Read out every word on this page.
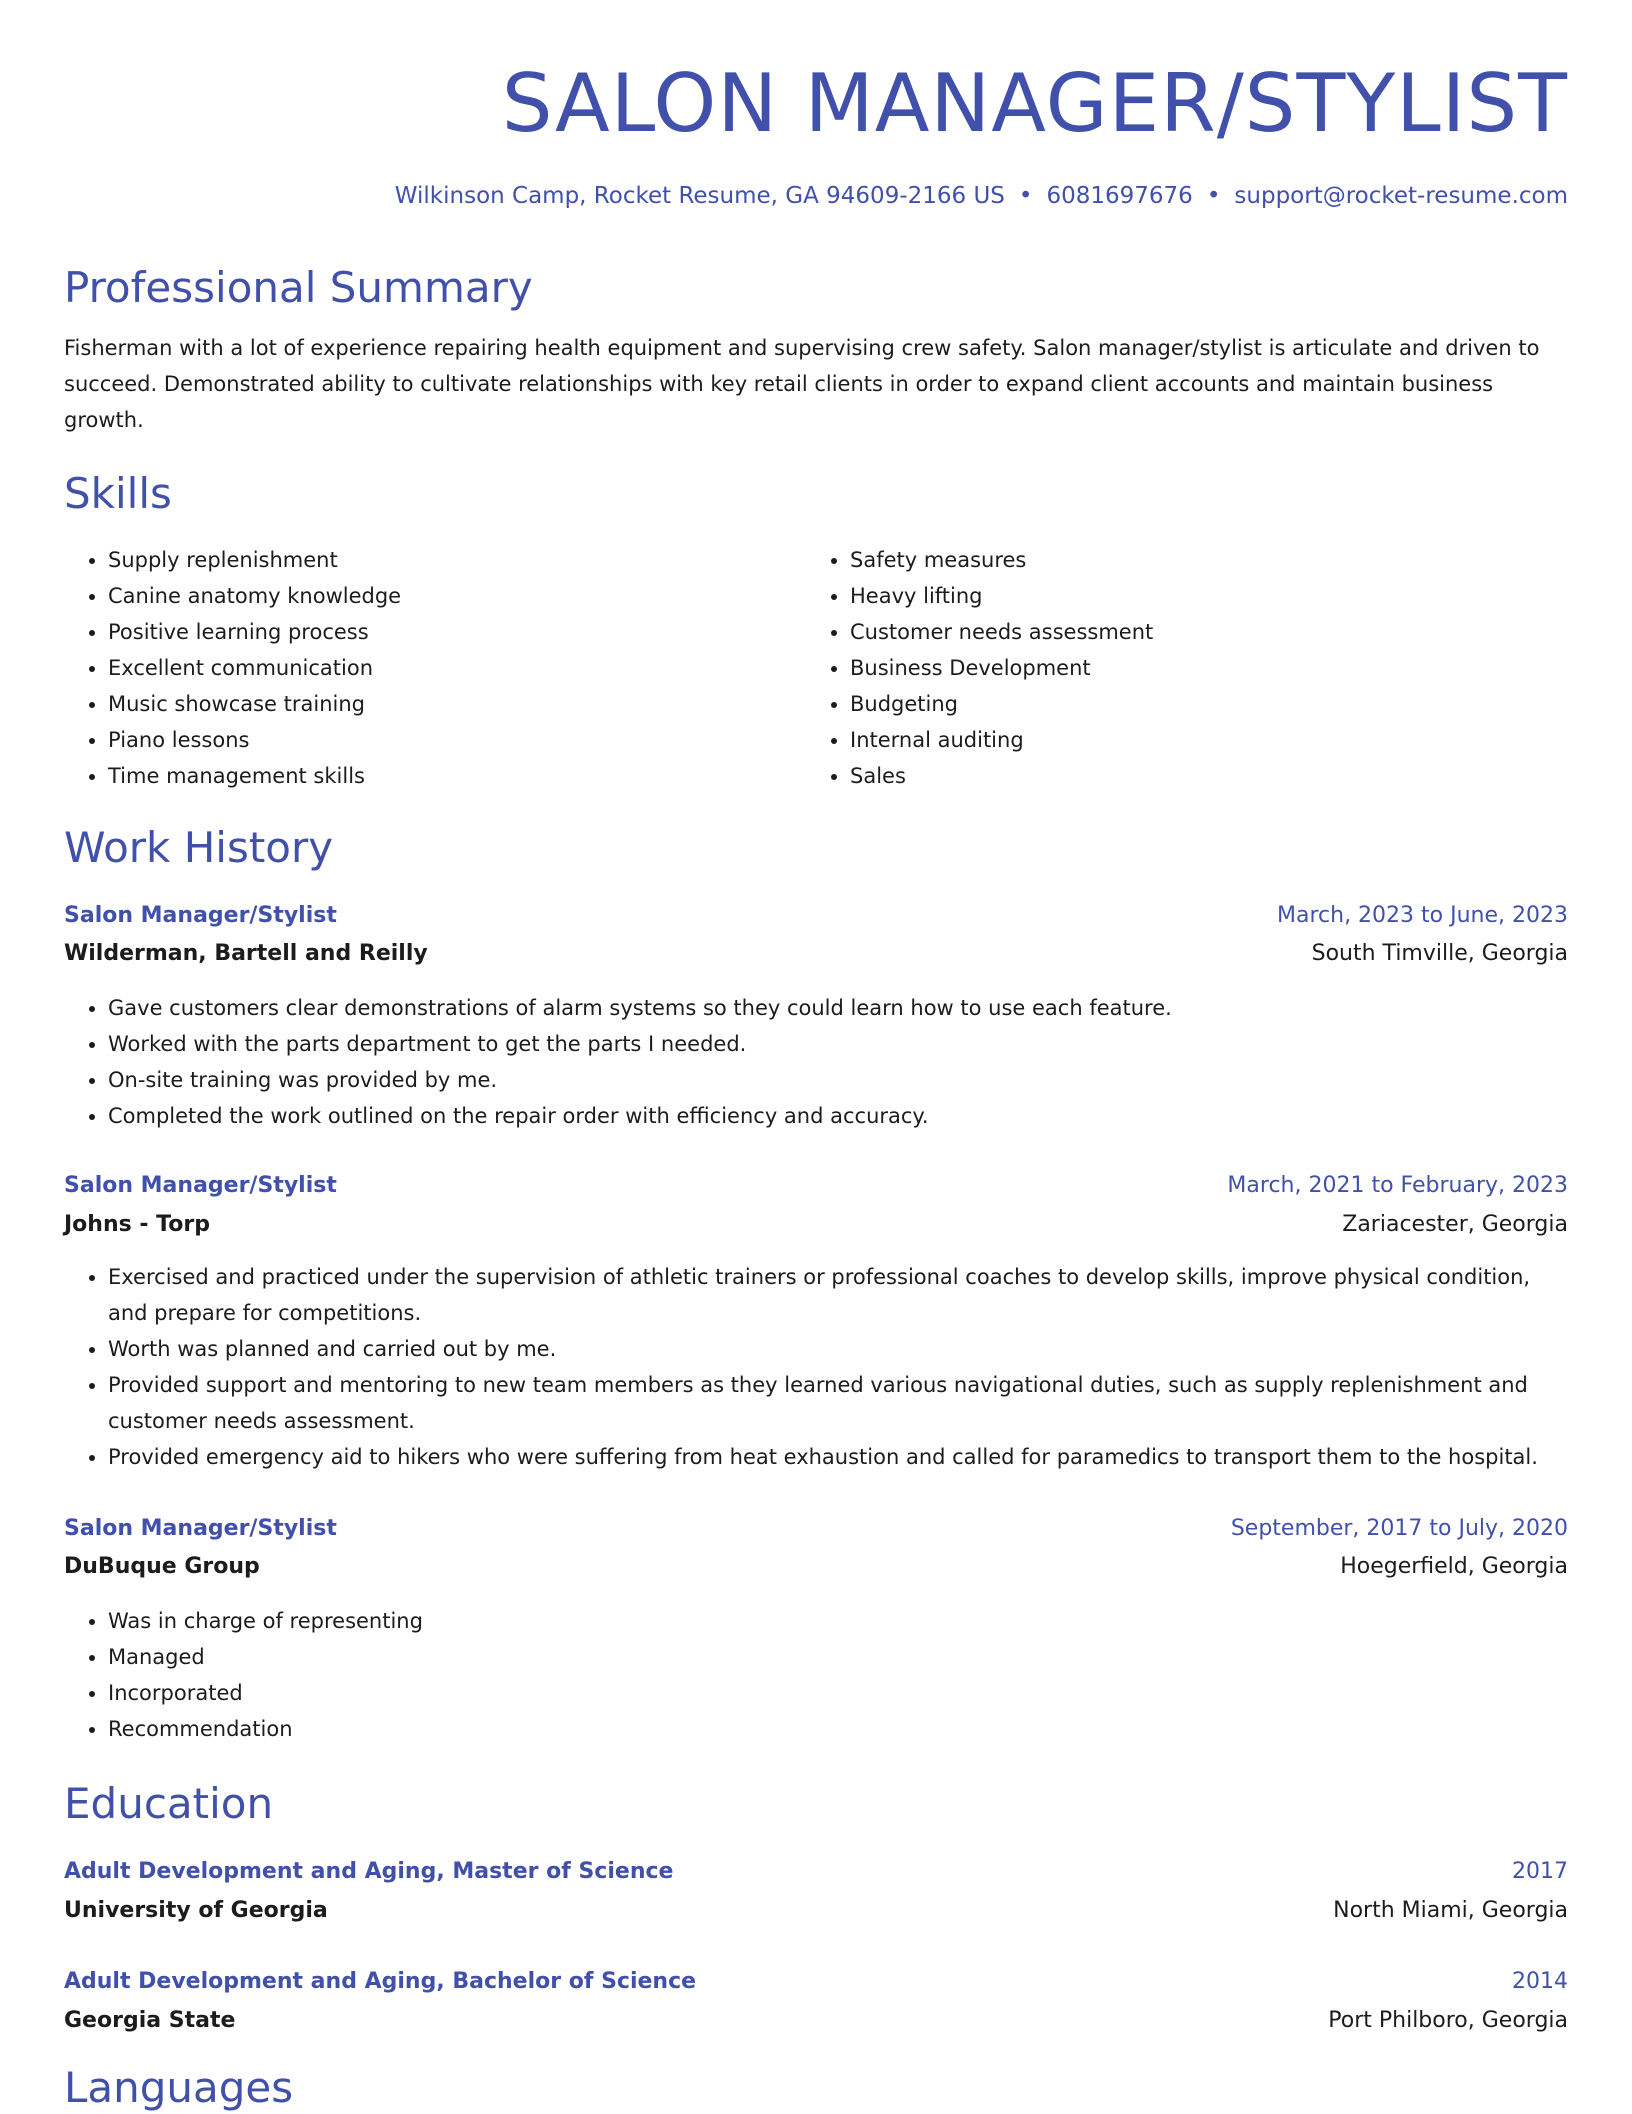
SALON MANAGER/STYLIST
Wilkinson Camp, Rocket Resume, GA 94609-2166 US • 6081697676 • support@rocket-resume.com
Professional Summary

Fisherman with a lot of experience repairing health equipment and supervising crew safety. Salon manager/stylist is articulate and driven to succeed. Demonstrated ability to cultivate relationships with key retail clients in order to expand client accounts and maintain business growth.

Skills
• Supply replenishment
• Canine anatomy knowledge
• Positive learning process
• Excellent communication
• Music showcase training
• Piano lessons
• Time management skills
• Safety measures
• Heavy lifting
• Customer needs assessment
• Business Development
• Budgeting
• Internal auditing
• Sales
Work History
Salon Manager/Stylist	March, 2023 to June, 2023
Wilderman, Bartell and Reilly	South Timville, Georgia
• Gave customers clear demonstrations of alarm systems so they could learn how to use each feature.
• Worked with the parts department to get the parts I needed.
• On-site training was provided by me.
• Completed the work outlined on the repair order with efficiency and accuracy.
Salon Manager/Stylist	March, 2021 to February, 2023
Johns - Torp	Zariacester, Georgia
• Exercised and practiced under the supervision of athletic trainers or professional coaches to develop skills, improve physical condition, and prepare for competitions.
• Worth was planned and carried out by me.
• Provided support and mentoring to new team members as they learned various navigational duties, such as supply replenishment and customer needs assessment.
• Provided emergency aid to hikers who were suffering from heat exhaustion and called for paramedics to transport them to the hospital.
Salon Manager/Stylist	September, 2017 to July, 2020
DuBuque Group	Hoegerfield, Georgia
• Was in charge of representing
• Managed
• Incorporated
• Recommendation
Education
Adult Development and Aging, Master of Science	2017
University of Georgia	North Miami, Georgia
Adult Development and Aging, Bachelor of Science	2014
Georgia State	Port Philboro, Georgia
Languages
